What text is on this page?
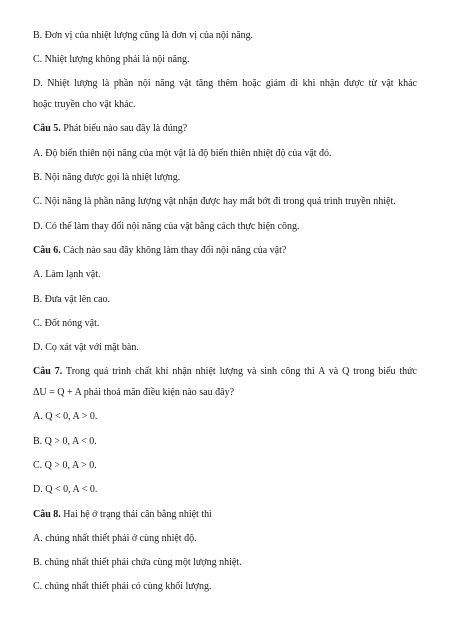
B. Đơn vị của nhiệt lượng cũng là đơn vị của nội năng.
C. Nhiệt lượng không phải là nội năng.
D. Nhiệt lượng là phần nội năng vật tăng thêm hoặc giảm đi khi nhận được từ vật khác
hoặc truyền cho vật khác.
Câu 5. Phát biểu nào sau đây là đúng?
A. Độ biến thiên nội năng của một vật là độ biến thiên nhiệt độ của vật đó.
B. Nội năng được gọi là nhiệt lượng.
C. Nội năng là phần năng lượng vật nhận được hay mất bớt đi trong quá trình truyền nhiệt.
D. Có thể làm thay đổi nội năng của vật bằng cách thực hiện công.
Câu 6. Cách nào sau đây không làm thay đổi nội năng của vật?
A. Làm lạnh vật.
B. Đưa vật lên cao.
C. Đốt nóng vật.
D. Cọ xát vật với mặt bàn.
Câu 7. Trong quá trình chất khí nhận nhiệt lượng và sinh công thì A và Q trong biểu thức
ΔU = Q + A phải thoả mãn điều kiện nào sau đây?
A. Q < 0, A > 0.
B. Q > 0, A < 0.
C. Q > 0, A > 0.
D. Q < 0, A < 0.
Câu 8. Hai hệ ở trạng thái cân bằng nhiệt thì
A. chúng nhất thiết phải ở cùng nhiệt độ.
B. chúng nhất thiết phải chứa cùng một lượng nhiệt.
C. chúng nhất thiết phải có cùng khối lượng.
